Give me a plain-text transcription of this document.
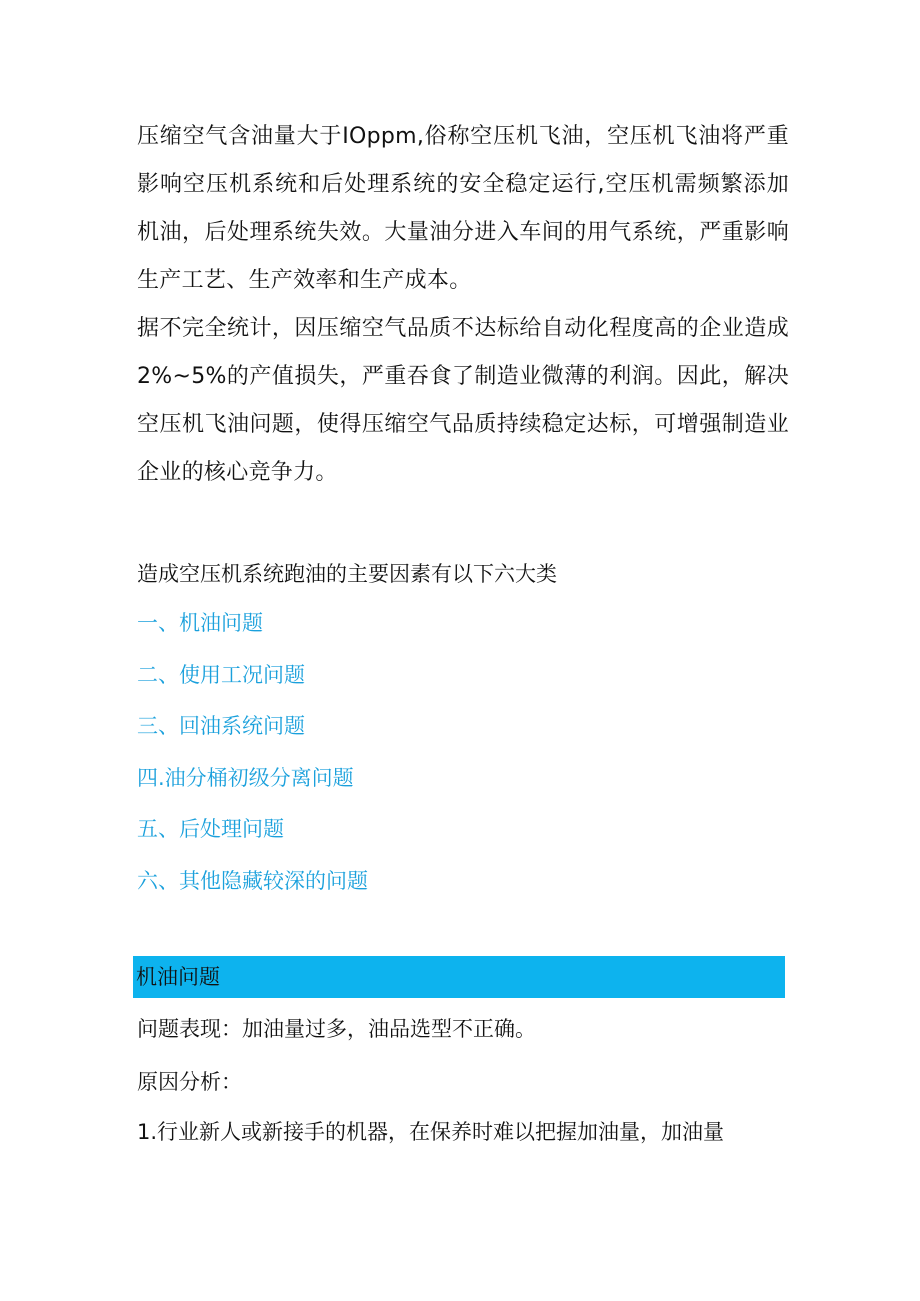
压缩空气含油量大于IOppm,俗称空压机飞油，空压机飞油将严重影响空压机系统和后处理系统的安全稳定运行,空压机需频繁添加机油，后处理系统失效。大量油分进入车间的用气系统，严重影响生产工艺、生产效率和生产成本。

据不完全统计，因压缩空气品质不达标给自动化程度高的企业造成2%~5%的产值损失，严重吞食了制造业微薄的利润。因此，解决空压机飞油问题，使得压缩空气品质持续稳定达标，可增强制造业企业的核心竞争力。

造成空压机系统跑油的主要因素有以下六大类
一、机油问题
二、使用工况问题
三、回油系统问题
四.油分桶初级分离问题
五、后处理问题
六、其他隐藏较深的问题
机油问题

问题表现：加油量过多，油品选型不正确。

原因分析：

1.行业新人或新接手的机器，在保养时难以把握加油量，加油量
